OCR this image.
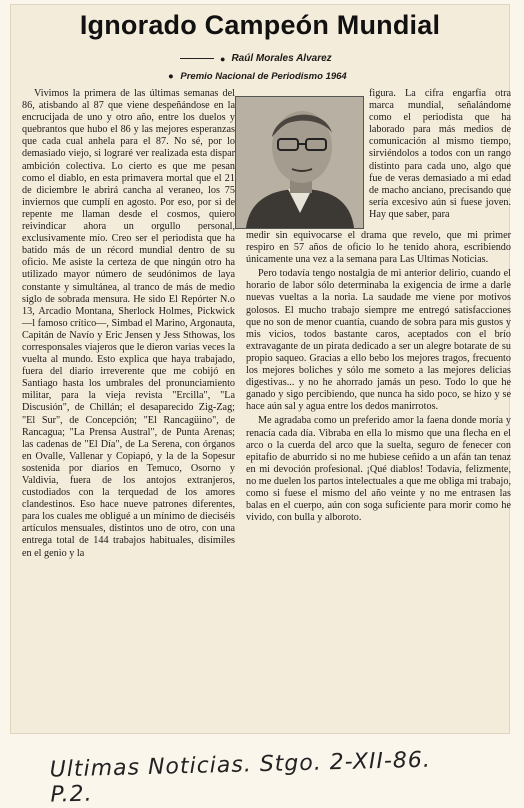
Ignorado Campeón Mundial
● Raúl Morales Alvarez
● Premio Nacional de Periodismo 1964

Vivimos la primera de las últimas semanas del 86, atisbando al 87 que viene despeñándose en la encrucijada de uno y otro año, entre los duelos y quebrantos que hubo el 86 y las mejores esperanzas que cada cual anhela para el 87. No sé, por lo demasiado viejo, si lograré ver realizada esta dispar ambición colectiva. Lo cierto es que me pesan como el diablo, en esta primavera mortal que el 21 de diciembre le abrirá cancha al veraneo, los 75 inviernos que cumplí en agosto. Por eso, por si de repente me llaman desde el cosmos, quiero reivindicar ahora un orgullo personal, exclusivamente mío. Creo ser el periodista que ha batido más de un récord mundial dentro de su oficio. Me asiste la certeza de que ningún otro ha utilizado mayor número de seudónimos de laya constante y simultánea, al tranco de más de medio siglo de sobrada mensura. He sido El Repórter N.o 13, Arcadio Montana, Sherlock Holmes, Pickwick —l famoso crítico—, Simbad el Marino, Argonauta, Capitán de Navío y Eric Jensen y Jess Sthowas, los corresponsales viajeros que le dieron varias veces la vuelta al mundo. Esto explica que haya trabajado, fuera del diario irreverente que me cobijó en Santiago hasta los umbrales del pronunciamiento militar, para la vieja revista "Ercilla", "La Discusión", de Chillán; el desaparecido Zig-Zag; "El Sur", de Concepción; "El Rancagüino", de Rancagua; "La Prensa Austral", de Punta Arenas; las cadenas de "El Día", de La Serena, con órganos en Ovalle, Vallenar y Copiapó, y la de la Sopesur sostenida por diarios en Temuco, Osorno y Valdivia, fuera de los antojos extranjeros, custodiados con la terquedad de los amores clandestinos. Eso hace nueve patrones diferentes, para los cuales me obligué a un mínimo de dieciséis artículos mensuales, distintos uno de otro, con una entrega total de 144 trabajos habituales, disímiles en el genio y la

figura. La cifra engarfia otra marca mundial, señalándome como el periodista que ha laborado para más medios de comunicación al mismo tiempo, sirviéndolos a todos con un rango distinto para cada uno, algo que fue de veras demasiado a mi edad de macho anciano, precisando que sería excesivo aún si fuese joven. Hay que saber, para

medir sin equivocarse el drama que revelo, que mi primer respiro en 57 años de oficio lo he tenido ahora, escribiendo únicamente una vez a la semana para Las Ultimas Noticias.

Pero todavía tengo nostalgia de mi anterior delirio, cuando el horario de labor sólo determinaba la exigencia de irme a darle nuevas vueltas a la noria. La saudade me viene por motivos golosos. El mucho trabajo siempre me entregó satisfacciones que no son de menor cuantía, cuando de sobra para mis gustos y mis vicios, todos bastante caros, aceptados con el brío extravagante de un pirata dedicado a ser un alegre botarate de su propio saqueo. Gracias a ello bebo los mejores tragos, frecuento los mejores boliches y sólo me someto a las mejores delicias digestivas... y no he ahorrado jamás un peso. Todo lo que he ganado y sigo percibiendo, que nunca ha sido poco, se hizo y se hace aún sal y agua entre los dedos manirrotos.

Me agradaba como un preferido amor la faena donde moría y renacía cada día. Vibraba en ella lo mismo que una flecha en el arco o la cuerda del arco que la suelta, seguro de fenecer con epitafio de aburrido si no me hubiese ceñido a un afán tan tenaz en mi devoción profesional. ¡Qué diablos! Todavía, felizmente, no me duelen los partos intelectuales a que me obliga mi trabajo, como si fuese el mismo del año veinte y no me entrasen las balas en el cuerpo, aún con soga suficiente para morir como he vivido, con bulla y alboroto.

Ultimas Noticias. Stgo. 2-XII-86. P.2.
